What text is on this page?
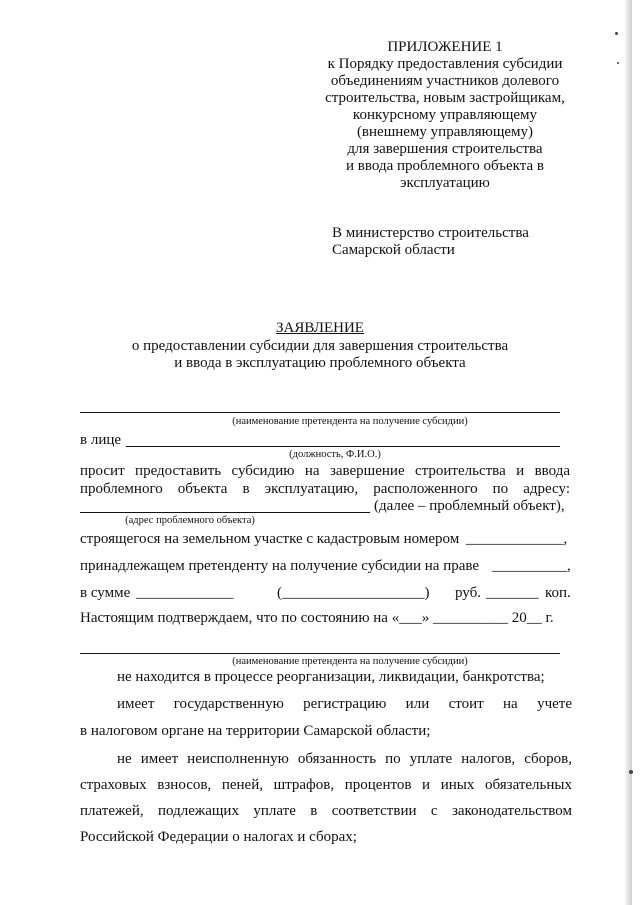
ПРИЛОЖЕНИЕ 1
к Порядку предоставления субсидии
объединениям участников долевого
строительства, новым застройщикам,
конкурсному управляющему
(внешнему управляющему)
для завершения строительства
и ввода проблемного объекта в
эксплуатацию
В министерство строительства
Самарской области
ЗАЯВЛЕНИЕ
о предоставлении субсидии для завершения строительства
и ввода в эксплуатацию проблемного объекта
(наименование претендента на получение субсидии)
в лице
(должность, Ф.И.О.)
просит предоставить субсидию на завершение строительства и ввода
проблемного объекта в эксплуатацию, расположенного по адресу:
(далее – проблемный объект),
(адрес проблемного объекта)
строящегося на земельном участке с кадастровым номером _____________,
принадлежащем претенденту на получение субсидии на праве __________,
в сумме _____________	(___________________) руб. _______ коп.
Настоящим подтверждаем, что по состоянию на «___» __________ 20__ г.
(наименование претендента на получение субсидии)
не находится в процессе реорганизации, ликвидации, банкротства;
имеет государственную регистрацию или стоит на учете
в налоговом органе на территории Самарской области;
не имеет неисполненную обязанность по уплате налогов, сборов,
страховых взносов, пеней, штрафов, процентов и иных обязательных
платежей, подлежащих уплате в соответствии с законодательством
Российской Федерации о налогах и сборах;
